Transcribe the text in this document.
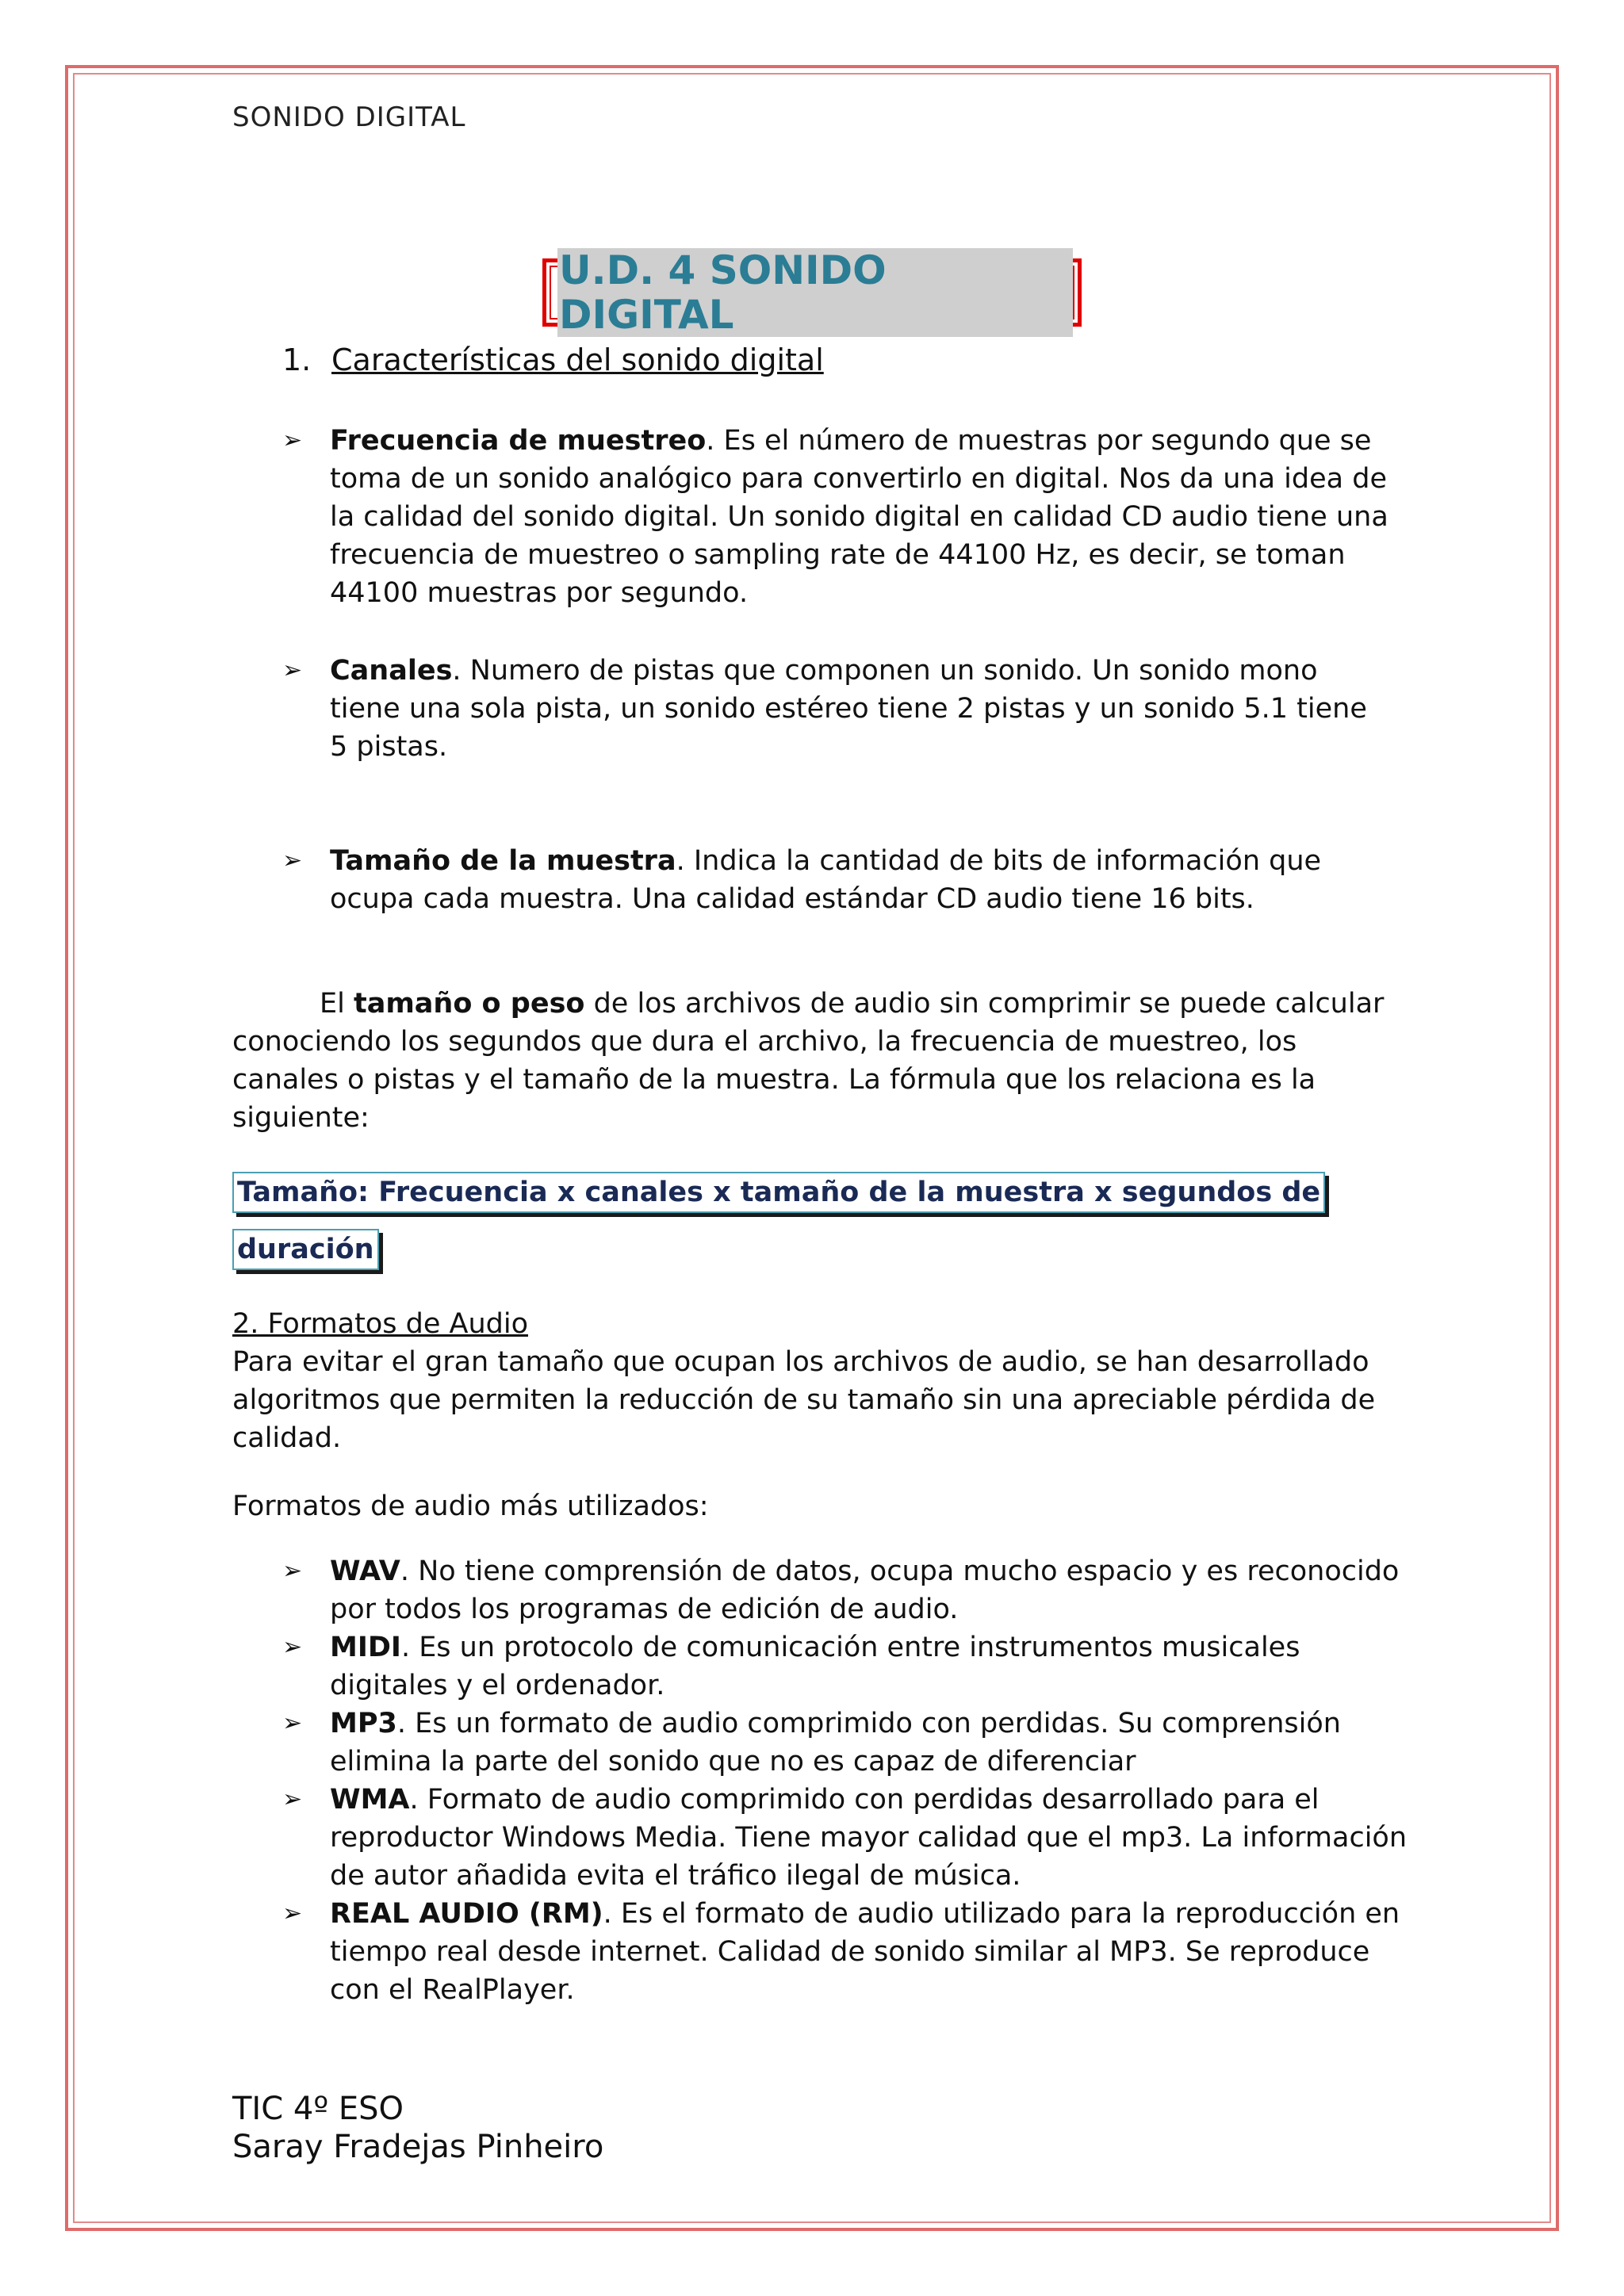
SONIDO DIGITAL
U.D. 4 SONIDO DIGITAL
1. Características del sonido digital
➢ Frecuencia de muestreo. Es el número de muestras por segundo que se toma de un sonido analógico para convertirlo en digital. Nos da una idea de la calidad del sonido digital. Un sonido digital en calidad CD audio tiene una frecuencia de muestreo o sampling rate de 44100 Hz, es decir, se toman 44100 muestras por segundo.
➢ Canales. Numero de pistas que componen un sonido. Un sonido mono tiene una sola pista, un sonido estéreo tiene 2 pistas y un sonido 5.1 tiene 5 pistas.
➢ Tamaño de la muestra. Indica la cantidad de bits de información que ocupa cada muestra. Una calidad estándar CD audio tiene 16 bits.
El tamaño o peso de los archivos de audio sin comprimir se puede calcular conociendo los segundos que dura el archivo, la frecuencia de muestreo, los canales o pistas y el tamaño de la muestra. La fórmula que los relaciona es la siguiente:
Tamaño: Frecuencia x canales x tamaño de la muestra x segundos de
duración
2. Formatos de Audio
Para evitar el gran tamaño que ocupan los archivos de audio, se han desarrollado algoritmos que permiten la reducción de su tamaño sin una apreciable pérdida de calidad.
Formatos de audio más utilizados:
➢ WAV. No tiene comprensión de datos, ocupa mucho espacio y es reconocido por todos los programas de edición de audio.
➢ MIDI. Es un protocolo de comunicación entre instrumentos musicales digitales y el ordenador.
➢ MP3. Es un formato de audio comprimido con perdidas. Su comprensión elimina la parte del sonido que no es capaz de diferenciar
➢ WMA. Formato de audio comprimido con perdidas desarrollado para el reproductor Windows Media. Tiene mayor calidad que el mp3. La información de autor añadida evita el tráfico ilegal de música.
➢ REAL AUDIO (RM). Es el formato de audio utilizado para la reproducción en tiempo real desde internet. Calidad de sonido similar al MP3. Se reproduce con el RealPlayer.
TIC 4º ESO
Saray Fradejas Pinheiro
